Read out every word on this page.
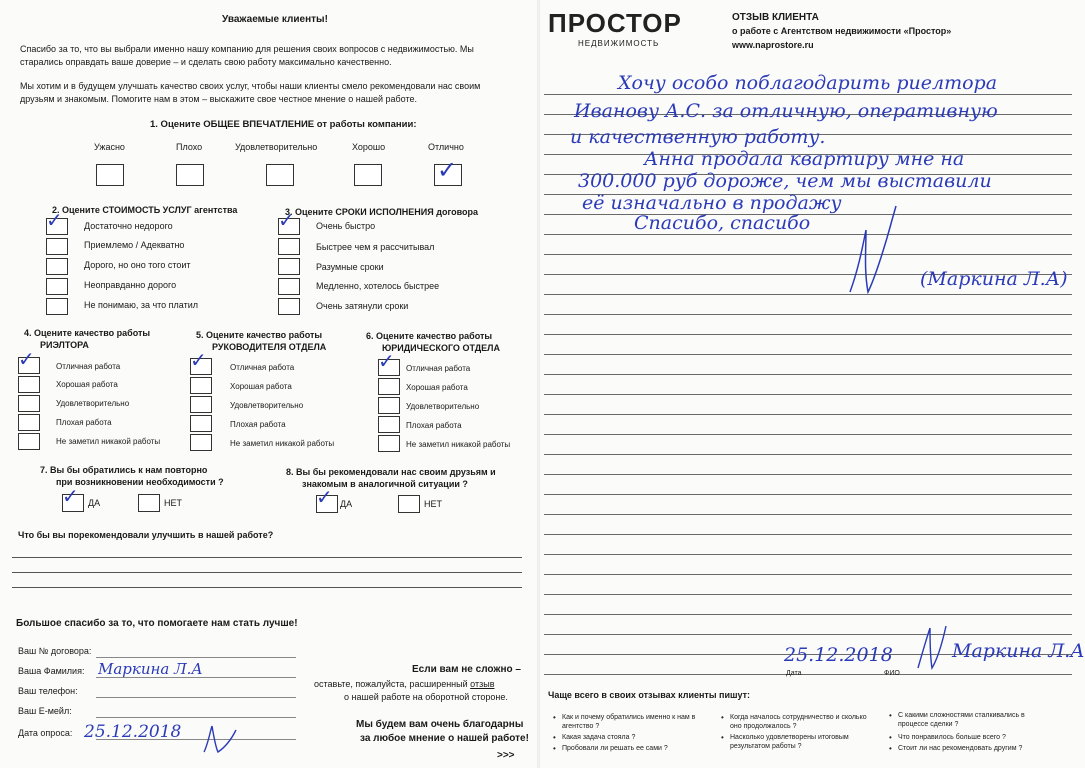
Уважаемые клиенты!
Спасибо за то, что вы выбрали именно нашу компанию для решения своих вопросов с недвижимостью. Мы старались оправдать ваше доверие – и сделать свою работу максимально качественно.
Мы хотим и в будущем улучшать качество своих услуг, чтобы наши клиенты смело рекомендовали нас своим друзьям и знакомым. Помогите нам в этом – выскажите свое честное мнение о нашей работе.
1. Оцените ОБЩЕЕ ВПЕЧАТЛЕНИЕ от работы компании:
Ужасно	Плохо	Удовлетворительно	Хорошо	Отлично
✓
2. Оцените СТОИМОСТЬ УСЛУГ агентства
✓ Достаточно недорого
Приемлемо / Адекватно
Дорого, но оно того стоит
Неоправданно дорого
Не понимаю, за что платил
3. Оцените СРОКИ ИСПОЛНЕНИЯ договора
✓ Очень быстро
Быстрее чем я рассчитывал
Разумные сроки
Медленно, хотелось быстрее
Очень затянули сроки
4. Оцените качество работы
РИЭЛТОРА
✓	Отличная работа
Хорошая работа
Удовлетворительно
Плохая работа
Не заметил никакой работы
5. Оцените качество работы
РУКОВОДИТЕЛЯ ОТДЕЛА
✓	Отличная работа
Хорошая работа
Удовлетворительно
Плохая работа
Не заметил никакой работы
6. Оцените качество работы
ЮРИДИЧЕСКОГО ОТДЕЛА
✓ Отличная работа
Хорошая работа
Удовлетворительно
Плохая работа
Не заметил никакой работы
7. Вы бы обратились к нам повторно
при возникновении необходимости ?
✓ ДА	НЕТ
8. Вы бы рекомендовали нас своим друзьям и
знакомым в аналогичной ситуации ?
✓ ДА	НЕТ
Что бы вы порекомендовали улучшить в нашей работе?
Большое спасибо за то, что помогаете нам стать лучше!
Ваш № договора:
Ваша Фамилия: Маркина Л.А
Ваш телефон:
Ваш E-мейл:
Дата опроса: 25.12.2018
Если вам не сложно –
оставьте, пожалуйста, расширенный отзыв
о нашей работе на оборотной стороне.
Мы будем вам очень благодарны
за любое мнение о нашей работе!
>>>
ПРОСТОР
НЕДВИЖИМОСТЬ
ОТЗЫВ КЛИЕНТА
о работе с Агентством недвижимости «Простор»
www.naprostore.ru
Хочу особо поблагодарить риелтора
Иванову А.С. за отличную, оперативную
и качественную работу.
Анна продала квартиру мне на
300.000 руб дороже, чем мы выставили
её изначально в продажу
Спасибо, спасибо
(Маркина Л.А)
25.12.2018
Дата	ФИО
Маркина Л.А
Чаще всего в своих отзывах клиенты пишут:
• Как и почему обратились именно к нам в агентство ?
• Какая задача стояла ?
• Пробовали ли решать ее сами ?
• Когда началось сотрудничество и сколько оно продолжалось ?
• Насколько удовлетворены итоговым результатом работы ?
• С какими сложностями сталкивались в процессе сделки ?
• Что понравилось больше всего ?
• Стоит ли нас рекомендовать другим ?
